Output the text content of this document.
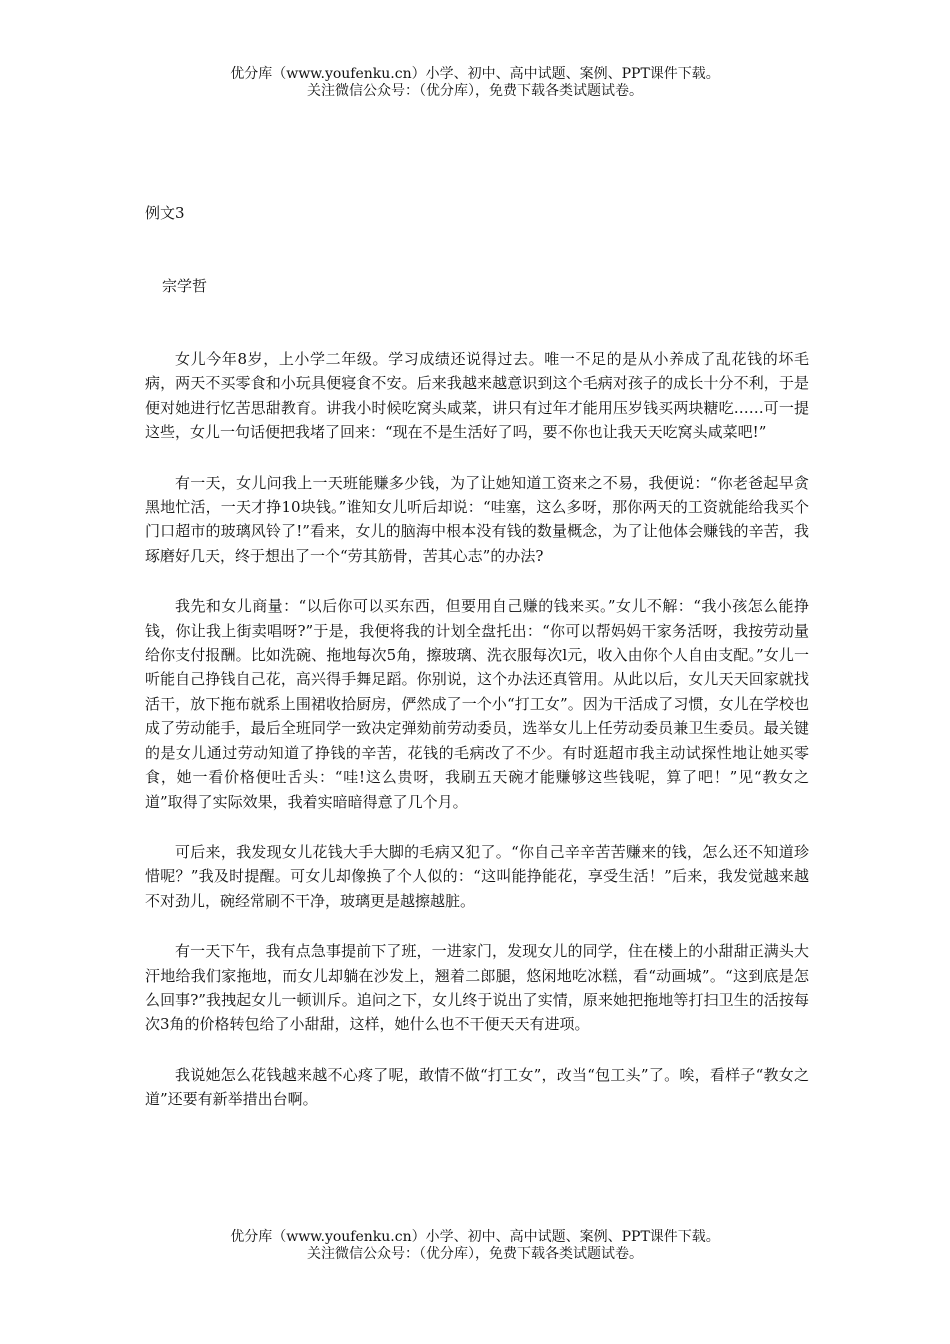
优分库（www.youfenku.cn）小学、初中、高中试题、案例、PPT课件下载。
关注微信公众号：（优分库），免费下载各类试题试卷。
例文3
宗学哲

女儿今年8岁，上小学二年级。学习成绩还说得过去。唯一不足的是从小养成了乱花钱的坏毛病，两天不买零食和小玩具便寝食不安。后来我越来越意识到这个毛病对孩子的成长十分不利，于是便对她进行忆苦思甜教育。讲我小时候吃窝头咸菜，讲只有过年才能用压岁钱买两块糖吃……可一提这些，女儿一句话便把我堵了回来：“现在不是生活好了吗，要不你也让我天天吃窝头咸菜吧!”

有一天，女儿问我上一天班能赚多少钱，为了让她知道工资来之不易，我便说：“你老爸起早贪黑地忙活，一天才挣10块钱。”谁知女儿听后却说：“哇塞，这么多呀，那你两天的工资就能给我买个门口超市的玻璃风铃了!”看来，女儿的脑海中根本没有钱的数量概念，为了让他体会赚钱的辛苦，我琢磨好几天，终于想出了一个“劳其筋骨，苦其心志”的办法?

我先和女儿商量：“以后你可以买东西，但要用自己赚的钱来买。”女儿不解：“我小孩怎么能挣钱，你让我上街卖唱呀?”于是，我便将我的计划全盘托出：“你可以帮妈妈干家务活呀，我按劳动量给你支付报酬。比如洗碗、拖地每次5角，擦玻璃、洗衣服每次l元，收入由你个人自由支配。”女儿一听能自己挣钱自己花，高兴得手舞足蹈。你别说，这个办法还真管用。从此以后，女儿天天回家就找活干，放下拖布就系上围裙收拾厨房，俨然成了一个小“打工女”。因为干活成了习惯，女儿在学校也成了劳动能手，最后全班同学一致决定弹劾前劳动委员，选举女儿上任劳动委员兼卫生委员。最关键的是女儿通过劳动知道了挣钱的辛苦，花钱的毛病改了不少。有时逛超市我主动试探性地让她买零食，她一看价格便吐舌头：“哇!这么贵呀，我刷五天碗才能赚够这些钱呢，算了吧！”见“教女之道”取得了实际效果，我着实暗暗得意了几个月。

可后来，我发现女儿花钱大手大脚的毛病又犯了。“你自己辛辛苦苦赚来的钱，怎么还不知道珍惜呢？”我及时提醒。可女儿却像换了个人似的：“这叫能挣能花，享受生活！”后来，我发觉越来越不对劲儿，碗经常刷不干净，玻璃更是越擦越脏。

有一天下午，我有点急事提前下了班，一进家门，发现女儿的同学，住在楼上的小甜甜正满头大汗地给我们家拖地，而女儿却躺在沙发上，翘着二郎腿，悠闲地吃冰糕，看“动画城”。“这到底是怎么回事?”我拽起女儿一顿训斥。追问之下，女儿终于说出了实情，原来她把拖地等打扫卫生的活按每次3角的价格转包给了小甜甜，这样，她什么也不干便天天有进项。

我说她怎么花钱越来越不心疼了呢，敢情不做“打工女”，改当“包工头”了。唉，看样子“教女之道”还要有新举措出台啊。

优分库（www.youfenku.cn）小学、初中、高中试题、案例、PPT课件下载。
关注微信公众号：（优分库），免费下载各类试题试卷。
